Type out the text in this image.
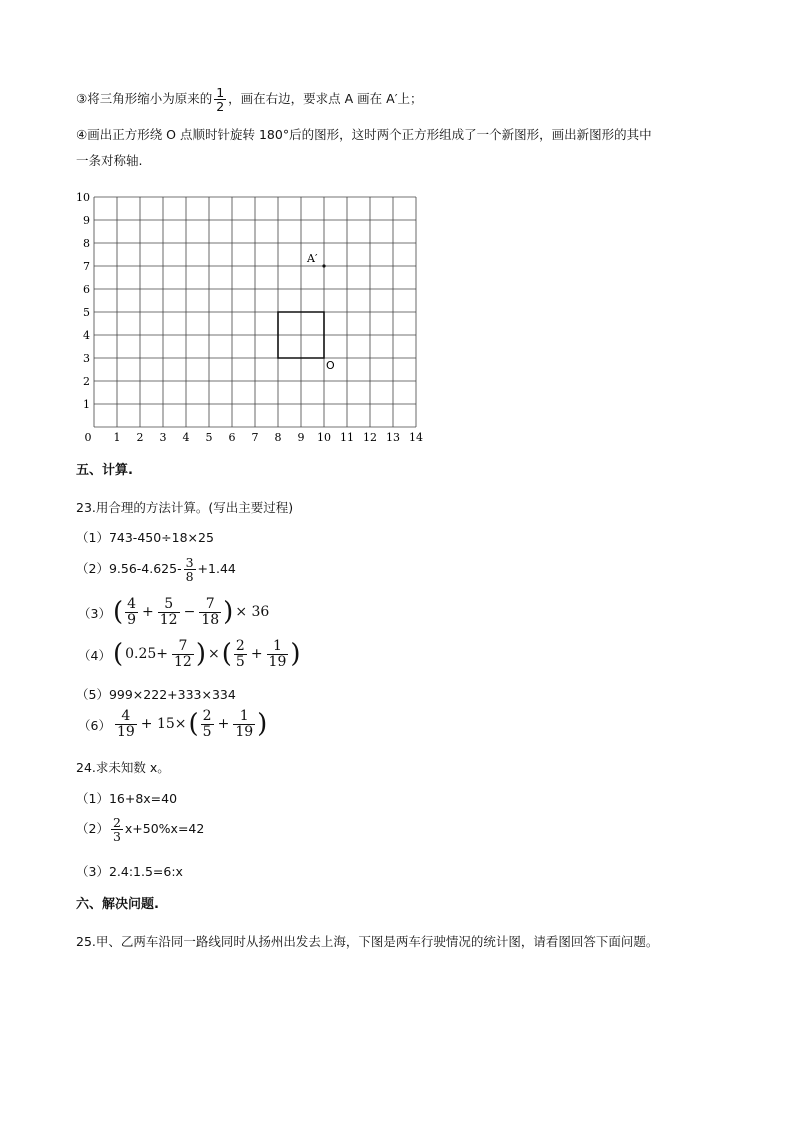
③将三角形缩小为原来的 $\frac{1}{2}$ ，画在右边，要求点 A 画在 A′上；
④画出正方形绕 O 点顺时针旋转 180°后的图形，这时两个正方形组成了一个新图形，画出新图形的其中
一条对称轴.
0 1 2 3 4 5 6 7 8 9 10 11 12 13 14
1
2
3
4
5
6
7
8
9
10
A′
O
五、计算.
23.用合理的方法计算。(写出主要过程)
（1）743-450÷18×25
$(2)9.56-4.625- \frac{3}{8} +1.44$
$(3)( \frac{4}{9} + \frac{5}{12} - \frac{7}{18}$ ) × 36
（4）( $0.25+ \frac{7}{12}$ ) ×( $\frac{2}{5} + \frac{1}{19}$ )
（5）999×222+333×334
$(6) \frac{4}{19} + 15\times( \frac{2}{5} + \frac{1}{19}$ )
24.求未知数 x。
（1）16+8x=40
$(2) \frac{2}{3} x+50\%x=42$
（3）2.4:1.5=6:x
六、解决问题.
25.甲、乙两车沿同一路线同时从扬州出发去上海，下图是两车行驶情况的统计图，请看图回答下面问题。
